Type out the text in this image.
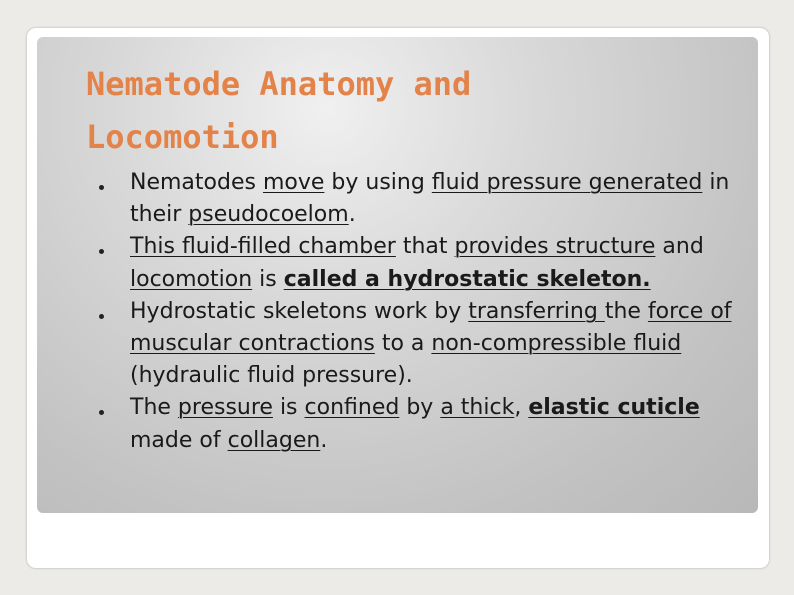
Nematode Anatomy and
Locomotion
Nematodes move by using fluid pressure generated in their pseudocoelom.
This fluid-filled chamber that provides structure and locomotion is called a hydrostatic skeleton.
Hydrostatic skeletons work by transferring the force of muscular contractions to a non-compressible fluid (hydraulic fluid pressure).
The pressure is confined by a thick, elastic cuticle made of collagen.
